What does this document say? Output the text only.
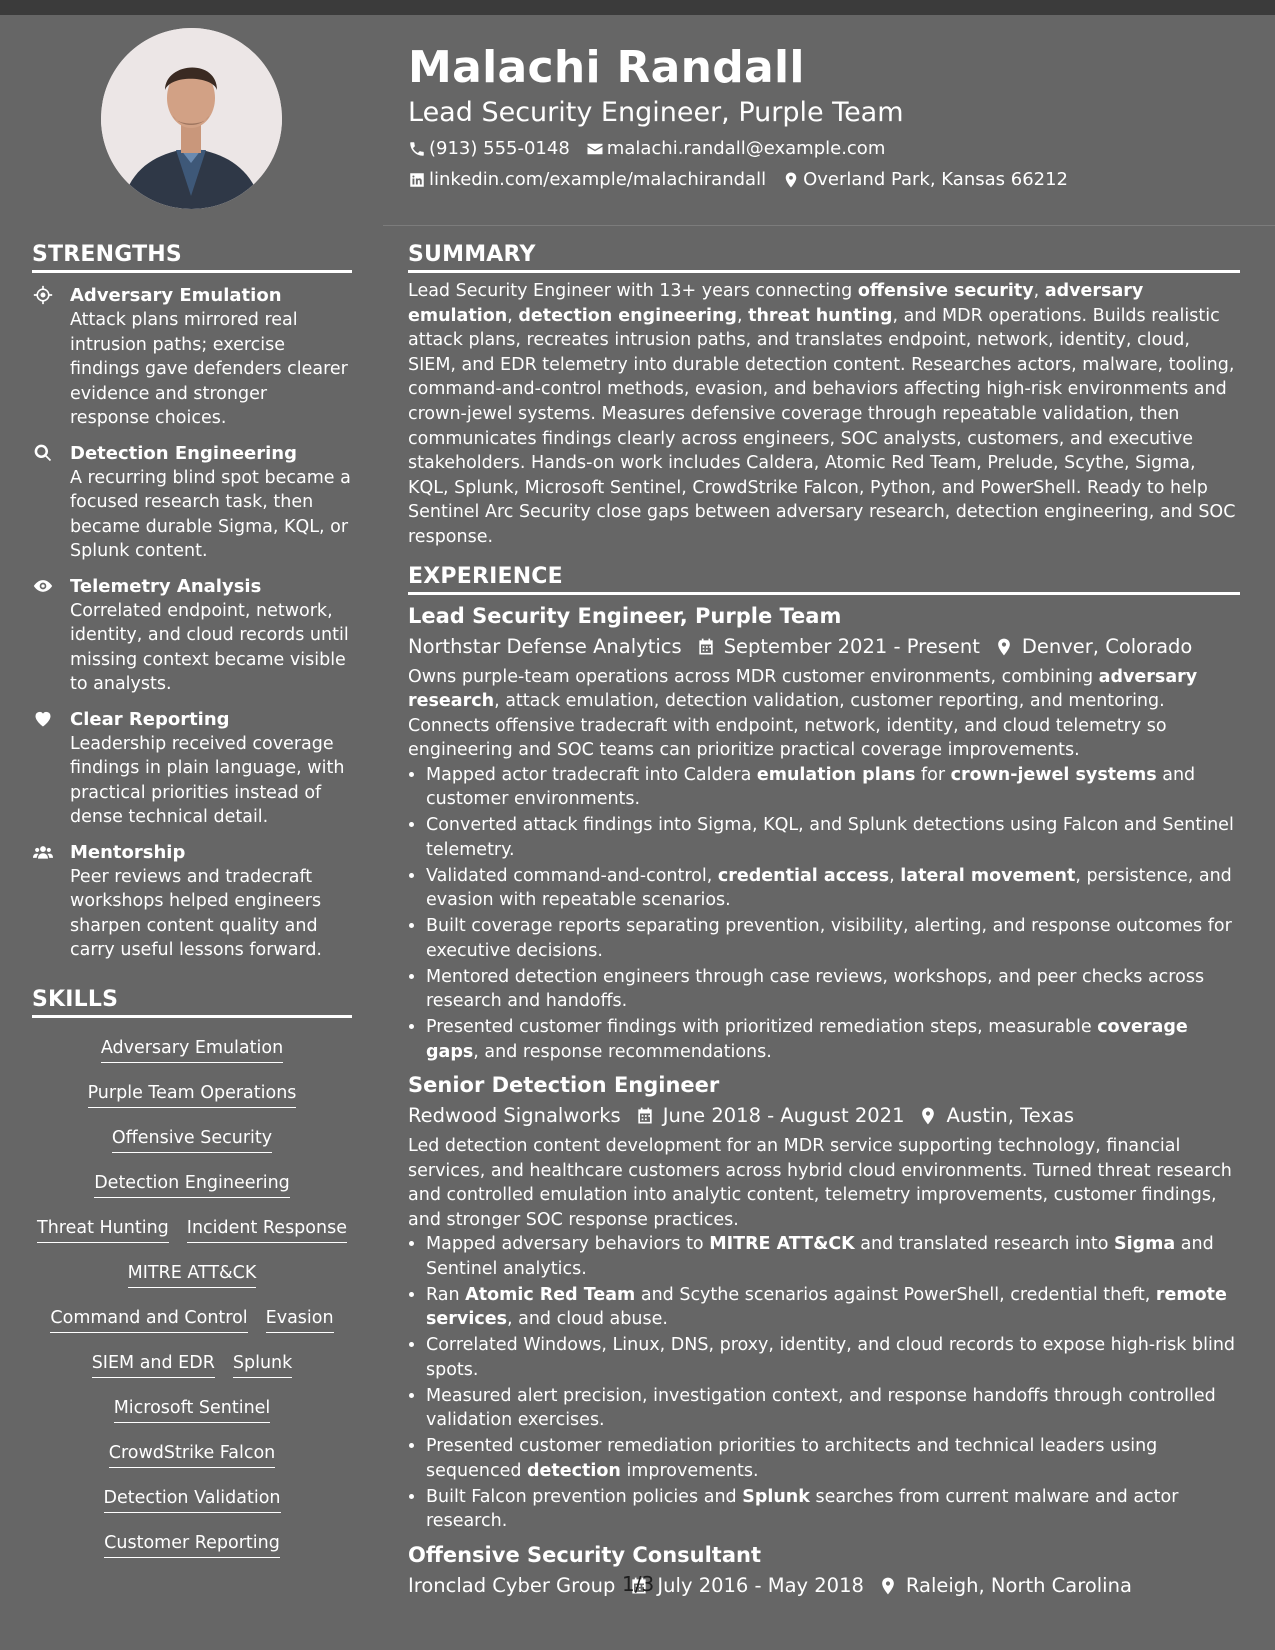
Malachi Randall
Lead Security Engineer, Purple Team
(913) 555-0148 malachi.randall@example.com
linkedin.com/example/malachirandall Overland Park, Kansas 66212
STRENGTHS
Adversary Emulation
Attack plans mirrored real intrusion paths; exercise findings gave defenders clearer evidence and stronger response choices.
Detection Engineering
A recurring blind spot became a focused research task, then became durable Sigma, KQL, or Splunk content.
Telemetry Analysis
Correlated endpoint, network, identity, and cloud records until missing context became visible to analysts.
Clear Reporting
Leadership received coverage findings in plain language, with practical priorities instead of dense technical detail.
Mentorship
Peer reviews and tradecraft workshops helped engineers sharpen content quality and carry useful lessons forward.
SKILLS
Adversary Emulation
Purple Team Operations
Offensive Security
Detection Engineering
Threat Hunting Incident Response
MITRE ATT&CK
Command and Control Evasion
SIEM and EDR Splunk
Microsoft Sentinel
CrowdStrike Falcon
Detection Validation
Customer Reporting
SUMMARY
Lead Security Engineer with 13+ years connecting offensive security, adversary emulation, detection engineering, threat hunting, and MDR operations. Builds realistic attack plans, recreates intrusion paths, and translates endpoint, network, identity, cloud, SIEM, and EDR telemetry into durable detection content. Researches actors, malware, tooling, command-and-control methods, evasion, and behaviors affecting high-risk environments and crown-jewel systems. Measures defensive coverage through repeatable validation, then communicates findings clearly across engineers, SOC analysts, customers, and executive stakeholders. Hands-on work includes Caldera, Atomic Red Team, Prelude, Scythe, Sigma, KQL, Splunk, Microsoft Sentinel, CrowdStrike Falcon, Python, and PowerShell. Ready to help Sentinel Arc Security close gaps between adversary research, detection engineering, and SOC response.
EXPERIENCE
Lead Security Engineer, Purple Team
Northstar Defense Analytics September 2021 - Present Denver, Colorado
Owns purple-team operations across MDR customer environments, combining adversary research, attack emulation, detection validation, customer reporting, and mentoring. Connects offensive tradecraft with endpoint, network, identity, and cloud telemetry so engineering and SOC teams can prioritize practical coverage improvements.
• Mapped actor tradecraft into Caldera emulation plans for crown-jewel systems and customer environments.
• Converted attack findings into Sigma, KQL, and Splunk detections using Falcon and Sentinel telemetry.
• Validated command-and-control, credential access, lateral movement, persistence, and evasion with repeatable scenarios.
• Built coverage reports separating prevention, visibility, alerting, and response outcomes for executive decisions.
• Mentored detection engineers through case reviews, workshops, and peer checks across research and handoffs.
• Presented customer findings with prioritized remediation steps, measurable coverage gaps, and response recommendations.
Senior Detection Engineer
Redwood Signalworks June 2018 - August 2021 Austin, Texas
Led detection content development for an MDR service supporting technology, financial services, and healthcare customers across hybrid cloud environments. Turned threat research and controlled emulation into analytic content, telemetry improvements, customer findings, and stronger SOC response practices.
• Mapped adversary behaviors to MITRE ATT&CK and translated research into Sigma and Sentinel analytics.
• Ran Atomic Red Team and Scythe scenarios against PowerShell, credential theft, remote services, and cloud abuse.
• Correlated Windows, Linux, DNS, proxy, identity, and cloud records to expose high-risk blind spots.
• Measured alert precision, investigation context, and response handoffs through controlled validation exercises.
• Presented customer remediation priorities to architects and technical leaders using sequenced detection improvements.
• Built Falcon prevention policies and Splunk searches from current malware and actor research.
Offensive Security Consultant
Ironclad Cyber Group July 2016 - May 2018 Raleigh, North Carolina
1/3
